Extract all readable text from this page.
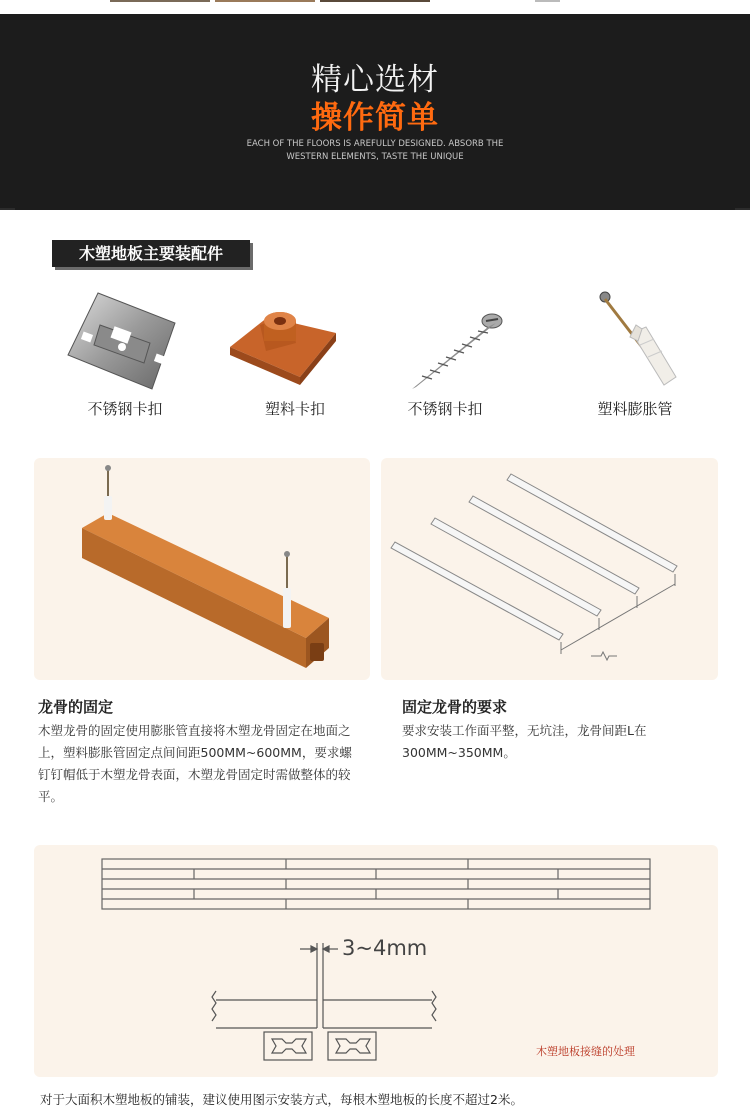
精心选材
操作简单
EACH OF THE FLOORS IS AREFULLY DESIGNED. ABSORB THE WESTERN ELEMENTS, TASTE THE UNIQUE
木塑地板主要装配件
不锈钢卡扣	塑料卡扣	不锈钢卡扣	塑料膨胀管
龙骨的固定
木塑龙骨的固定使用膨胀管直接将木塑龙骨固定在地面之上，塑料膨胀管固定点间间距500MM~600MM，要求螺钉钉帽低于木塑龙骨表面，木塑龙骨固定时需做整体的较平。
固定龙骨的要求
要求安装工作面平整，无坑洼，龙骨间距L在300MM~350MM。
3~4mm
木塑地板接缝的处理
对于大面积木塑地板的铺装，建议使用图示安装方式，每根木塑地板的长度不超过2米。
